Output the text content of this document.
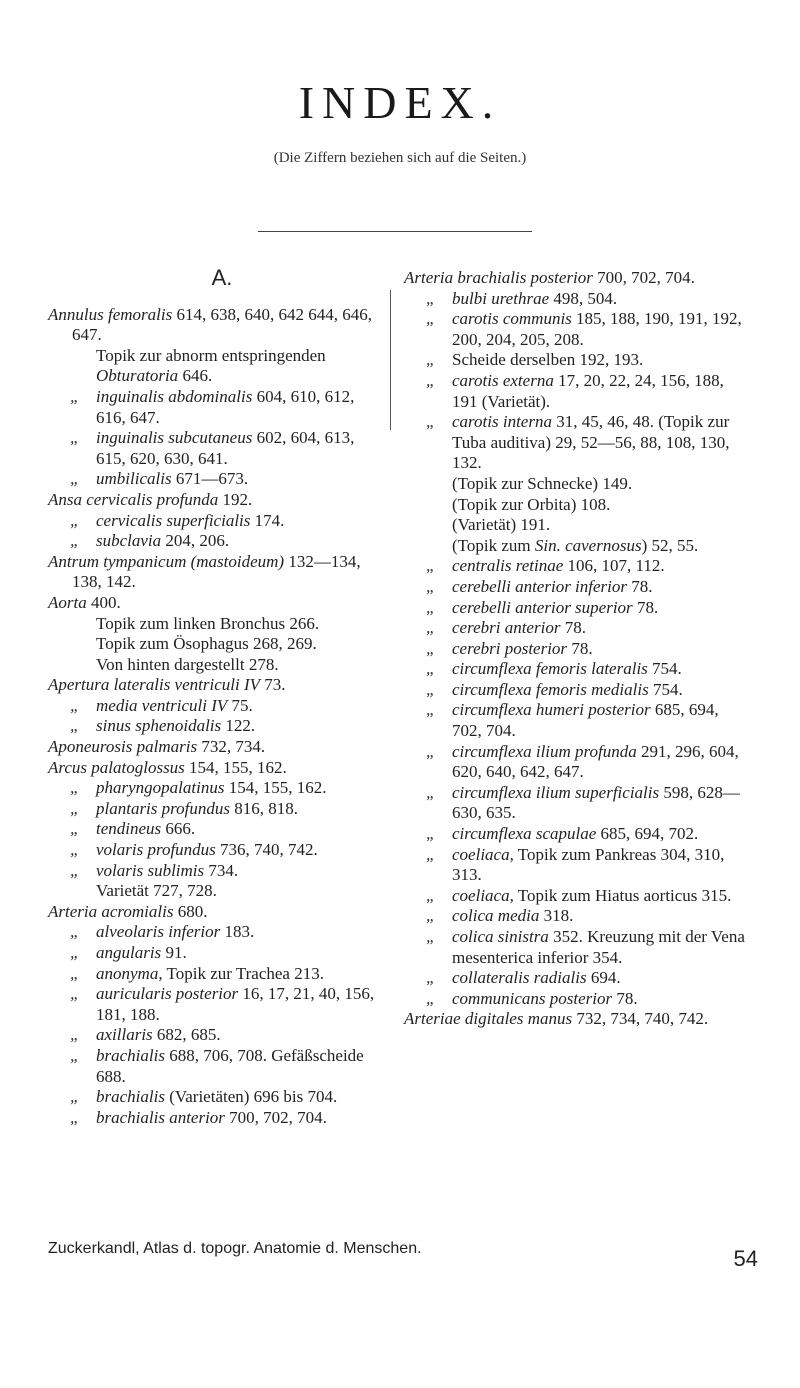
INDEX.
(Die Ziffern beziehen sich auf die Seiten.)
A.

Annulus femoralis 614, 638, 640, 642 644, 646, 647.

Topik zur abnorm entspringenden Obturatoria 646.

„ inguinalis abdominalis 604, 610, 612, 616, 647.

„ inguinalis subcutaneus 602, 604, 613, 615, 620, 630, 641.

„ umbilicalis 671—673.

Ansa cervicalis profunda 192.

„ cervicalis superficialis 174.

„ subclavia 204, 206.

Antrum tympanicum (mastoideum) 132—134, 138, 142.

Aorta 400.

Topik zum linken Bronchus 266.

Topik zum Ösophagus 268, 269.

Von hinten dargestellt 278.

Apertura lateralis ventriculi IV 73.

„ media ventriculi IV 75.

„ sinus sphenoidalis 122.

Aponeurosis palmaris 732, 734.

Arcus palatoglossus 154, 155, 162.

„ pharyngopalatinus 154, 155, 162.

„ plantaris profundus 816, 818.

„ tendineus 666.

„ volaris profundus 736, 740, 742.

„ volaris sublimis 734.

Varietät 727, 728.

Arteria acromialis 680.

„ alveolaris inferior 183.

„ angularis 91.

„ anonyma, Topik zur Trachea 213.

„ auricularis posterior 16, 17, 21, 40, 156, 181, 188.

„ axillaris 682, 685.

„ brachialis 688, 706, 708. Gefäßscheide 688.

„ brachialis (Varietäten) 696 bis 704.

„ brachialis anterior 700, 702, 704.

Arteria brachialis posterior 700, 702, 704.

„ bulbi urethrae 498, 504.

„ carotis communis 185, 188, 190, 191, 192, 200, 204, 205, 208.

„ Scheide derselben 192, 193.

„ carotis externa 17, 20, 22, 24, 156, 188, 191 (Varietät).

„ carotis interna 31, 45, 46, 48. (Topik zur Tuba auditiva) 29, 52—56, 88, 108, 130, 132.

(Topik zur Schnecke) 149.

(Topik zur Orbita) 108.

(Varietät) 191.

(Topik zum Sin. cavernosus) 52, 55.

„ centralis retinae 106, 107, 112.

„ cerebelli anterior inferior 78.

„ cerebelli anterior superior 78.

„ cerebri anterior 78.

„ cerebri posterior 78.

„ circumflexa femoris lateralis 754.

„ circumflexa femoris medialis 754.

„ circumflexa humeri posterior 685, 694, 702, 704.

„ circumflexa ilium profunda 291, 296, 604, 620, 640, 642, 647.

„ circumflexa ilium superficialis 598, 628—630, 635.

„ circumflexa scapulae 685, 694, 702.

„ coeliaca, Topik zum Pankreas 304, 310, 313.

„ coeliaca, Topik zum Hiatus aorticus 315.

„ colica media 318.

„ colica sinistra 352. Kreuzung mit der Vena mesenterica inferior 354.

„ collateralis radialis 694.

„ communicans posterior 78.

Arteriae digitales manus 732, 734, 740, 742.

Zuckerkandl, Atlas d. topogr. Anatomie d. Menschen.	54
